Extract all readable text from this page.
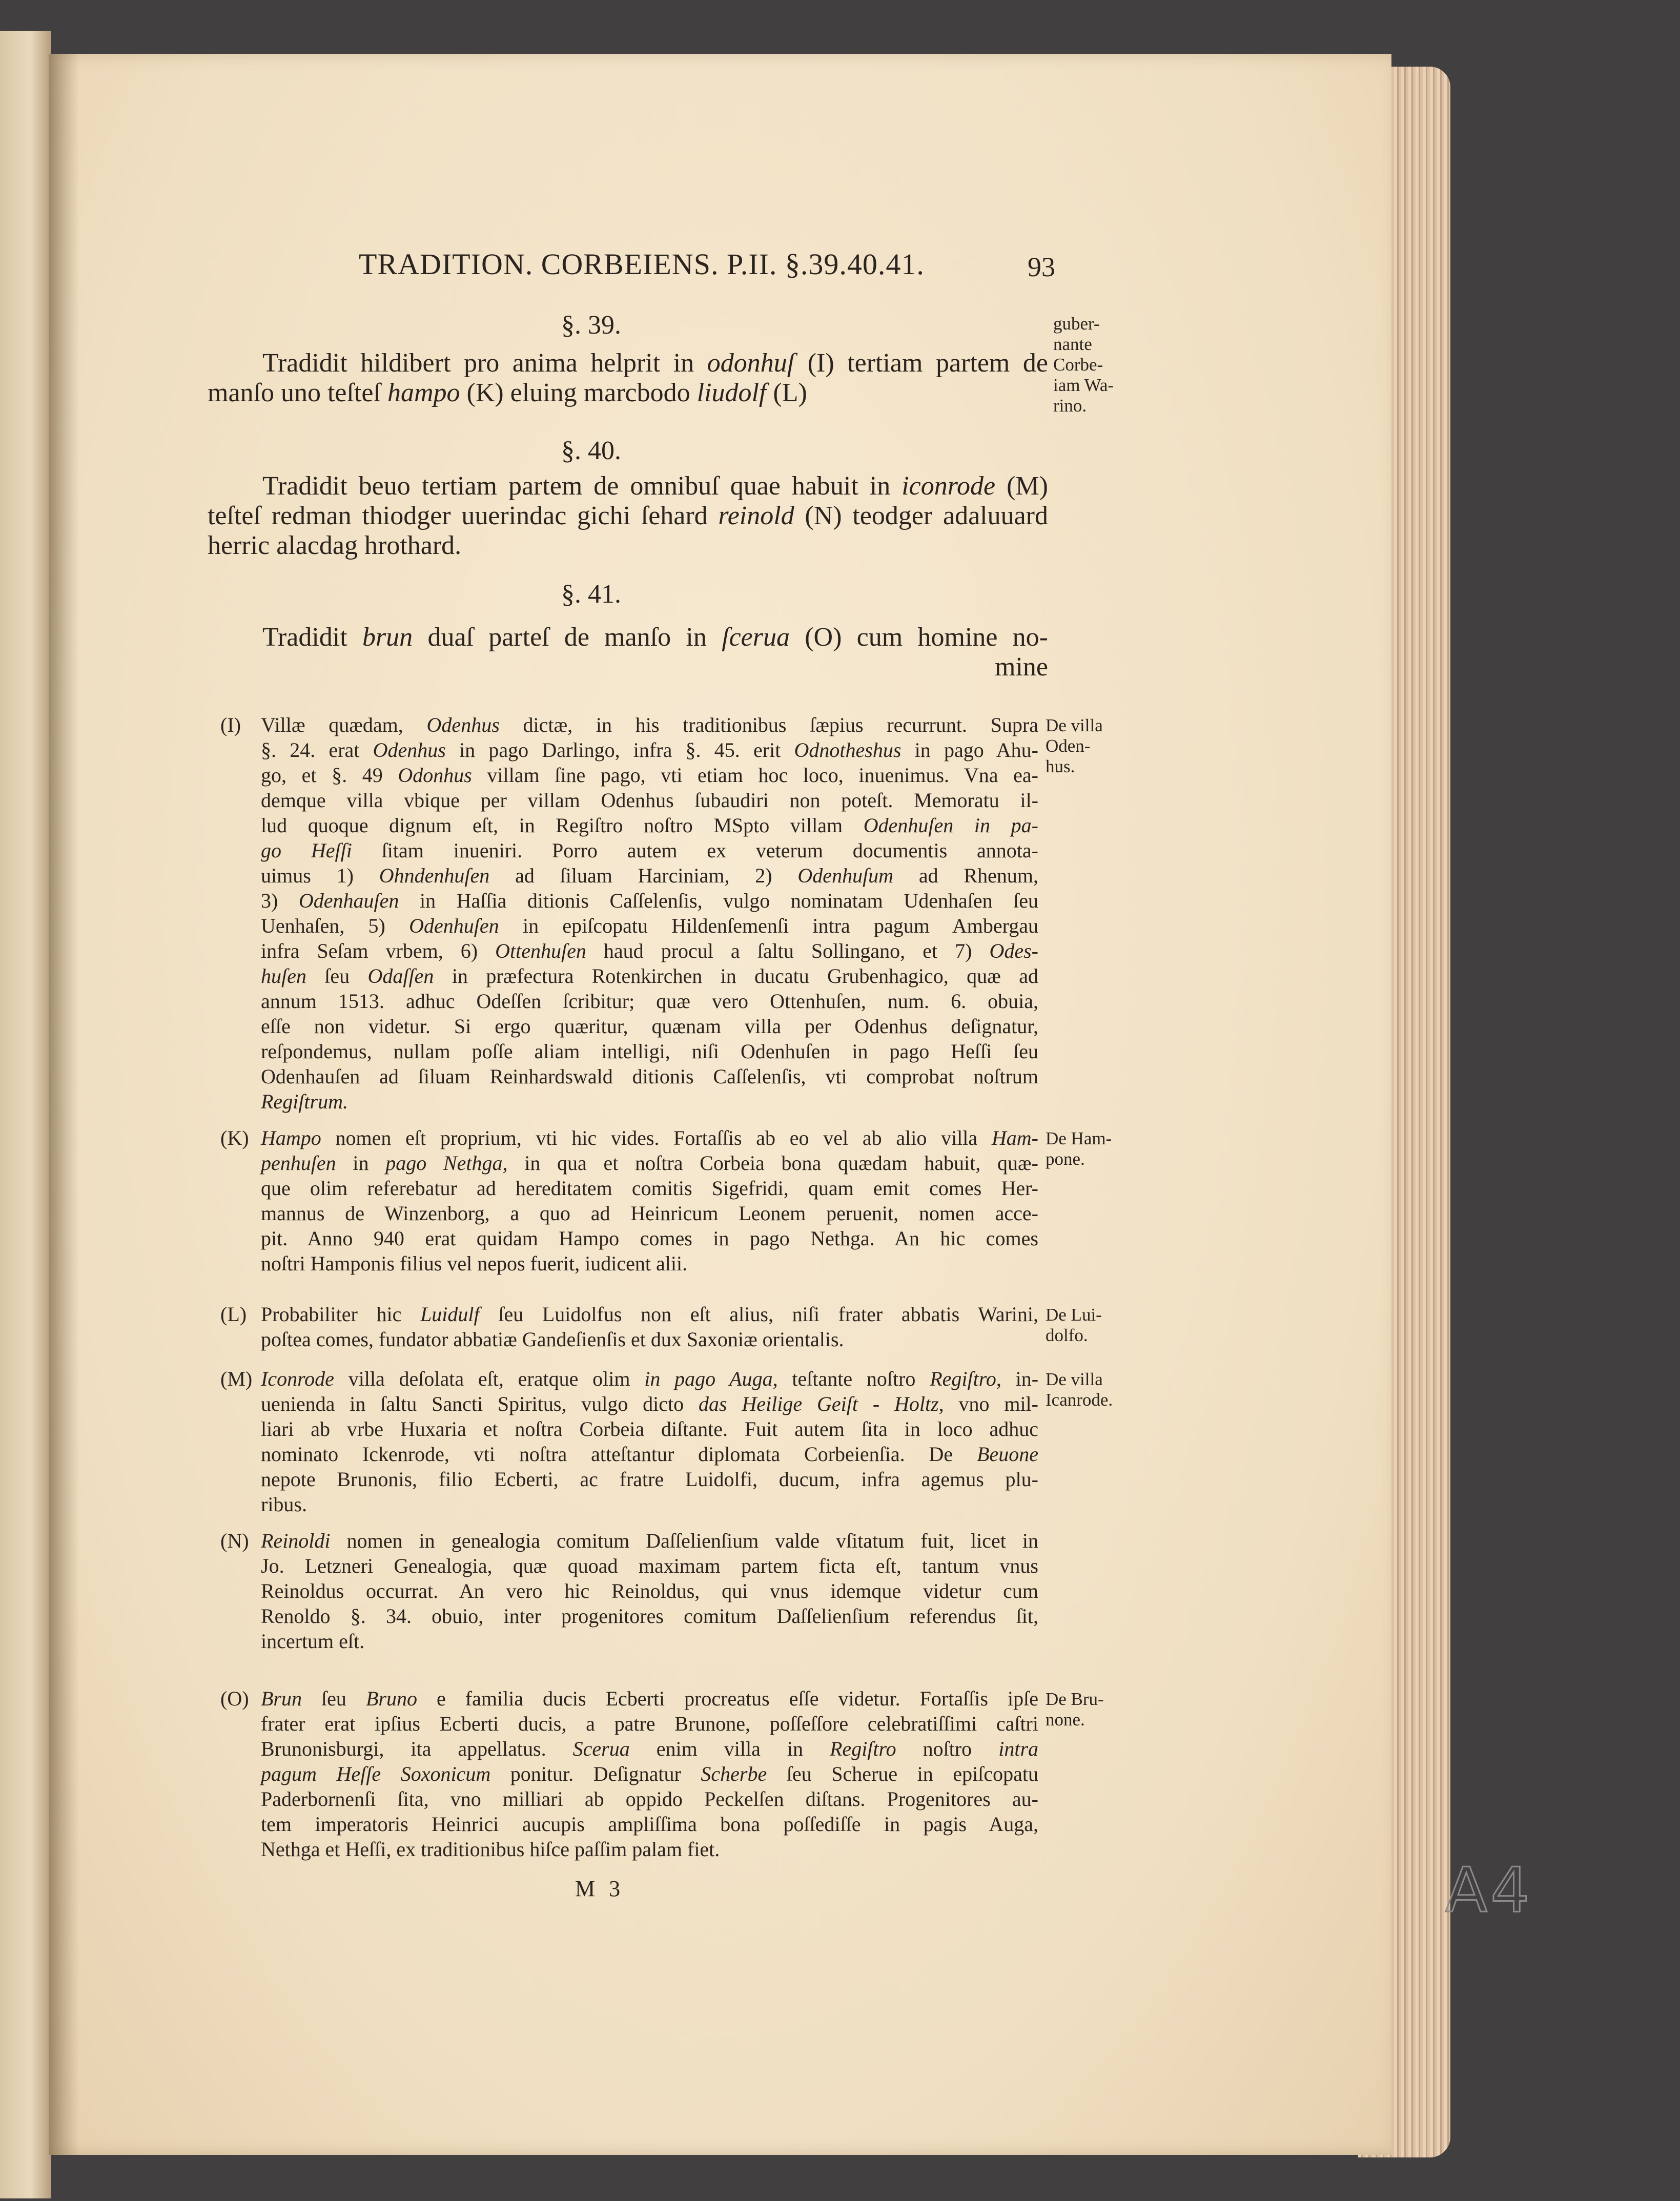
TRADITION. CORBEIENS. P.II. §.39.40.41.	93
§. 39.
Tradidit hildibert pro anima helprit in odonhuſ (I) tertiam partem de
manſo uno teſteſ hampo (K) eluing marcbodo liudolf (L)
guber-
nante
Corbe-
iam Wa-
rino.
§. 40.
Tradidit beuo tertiam partem de omnibuſ quae habuit in iconrode (M)
teſteſ redman thiodger uuerindac gichi ſehard reinold (N) teodger adaluuard
herric alacdag hrothard.
§. 41.
Tradidit brun duaſ parteſ de manſo in ſcerua (O) cum homine no-
mine
(I) Villæ quædam, Odenhus dictæ, in his traditionibus ſæpius recurrunt. Supra
§. 24. erat Odenhus in pago Darlingo, infra §. 45. erit Odnotheshus in pago Ahu-
go, et §. 49 Odonhus villam ſine pago, vti etiam hoc loco, inuenimus. Vna ea-
demque villa vbique per villam Odenhus ſubaudiri non poteſt. Memoratu il-
lud quoque dignum eſt, in Regiſtro noſtro MSpto villam Odenhuſen in pa-
go Heſſi ſitam inueniri. Porro autem ex veterum documentis annota-
uimus 1) Ohndenhuſen ad ſiluam Harciniam, 2) Odenhuſum ad Rhenum,
3) Odenhauſen in Haſſia ditionis Caſſelenſis, vulgo nominatam Udenhaſen ſeu
Uenhaſen, 5) Odenhuſen in epiſcopatu Hildenſemenſi intra pagum Ambergau
infra Seſam vrbem, 6) Ottenhuſen haud procul a ſaltu Sollingano, et 7) Odes-
huſen ſeu Odaſſen in præfectura Rotenkirchen in ducatu Grubenhagico, quæ ad
annum 1513. adhuc Odeſſen ſcribitur; quæ vero Ottenhuſen, num. 6. obuia,
eſſe non videtur. Si ergo quæritur, quænam villa per Odenhus deſignatur,
reſpondemus, nullam poſſe aliam intelligi, niſi Odenhuſen in pago Heſſi ſeu
Odenhauſen ad ſiluam Reinhardswald ditionis Caſſelenſis, vti comprobat noſtrum
Regiſtrum.
De villa
Oden-
hus.
(K) Hampo nomen eſt proprium, vti hic vides. Fortaſſis ab eo vel ab alio villa Ham-
penhuſen in pago Nethga, in qua et noſtra Corbeia bona quædam habuit, quæ-
que olim referebatur ad hereditatem comitis Sigefridi, quam emit comes Her-
mannus de Winzenborg, a quo ad Heinricum Leonem peruenit, nomen acce-
pit. Anno 940 erat quidam Hampo comes in pago Nethga. An hic comes
noſtri Hamponis filius vel nepos fuerit, iudicent alii.
De Ham-
pone.
(L) Probabiliter hic Luidulf ſeu Luidolfus non eſt alius, niſi frater abbatis Warini,
poſtea comes, fundator abbatiæ Gandeſienſis et dux Saxoniæ orientalis.
De Lui-
dolfo.
(M) Iconrode villa deſolata eſt, eratque olim in pago Auga, teſtante noſtro Regiſtro, in-
uenienda in ſaltu Sancti Spiritus, vulgo dicto das Heilige Geiſt - Holtz, vno mil-
liari ab vrbe Huxaria et noſtra Corbeia diſtante. Fuit autem ſita in loco adhuc
nominato Ickenrode, vti noſtra atteſtantur diplomata Corbeienſia. De Beuone
nepote Brunonis, filio Ecberti, ac fratre Luidolfi, ducum, infra agemus plu-
ribus.
De villa
Icanrode.
(N) Reinoldi nomen in genealogia comitum Daſſelienſium valde vſitatum fuit, licet in
Jo. Letzneri Genealogia, quæ quoad maximam partem ficta eſt, tantum vnus
Reinoldus occurrat. An vero hic Reinoldus, qui vnus idemque videtur cum
Renoldo §. 34. obuio, inter progenitores comitum Daſſelienſium referendus ſit,
incertum eſt.
(O) Brun ſeu Bruno e familia ducis Ecberti procreatus eſſe videtur. Fortaſſis ipſe
frater erat ipſius Ecberti ducis, a patre Brunone, poſſeſſore celebratiſſimi caſtri
Brunonisburgi, ita appellatus. Scerua enim villa in Regiſtro noſtro intra
pagum Heſſe Soxonicum ponitur. Deſignatur Scherbe ſeu Scherue in epiſcopatu
Paderbornenſi ſita, vno milliari ab oppido Peckelſen diſtans. Progenitores au-
tem imperatoris Heinrici aucupis ampliſſima bona poſſediſſe in pagis Auga,
Nethga et Heſſi, ex traditionibus hiſce paſſim palam fiet.
De Bru-
none.
M 3	A4
